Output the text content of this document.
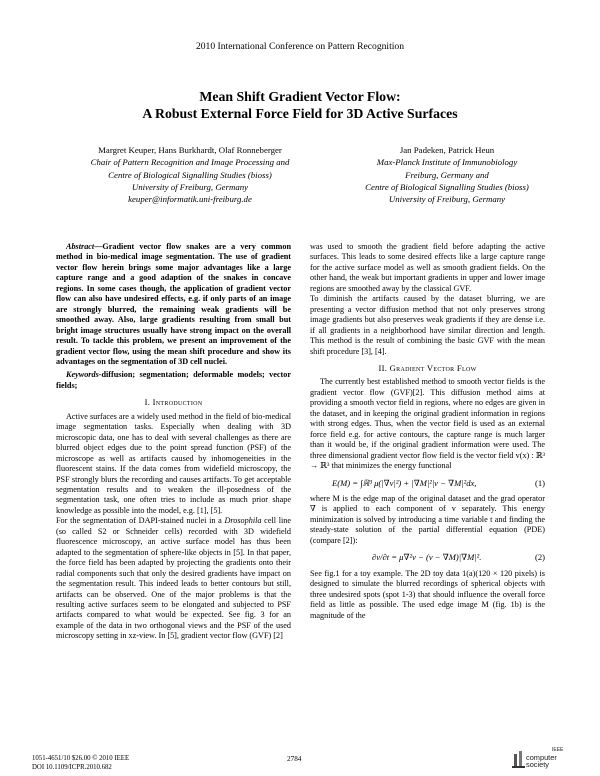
2010 International Conference on Pattern Recognition
Mean Shift Gradient Vector Flow:
A Robust External Force Field for 3D Active Surfaces
Margret Keuper, Hans Burkhardt, Olaf Ronneberger
Chair of Pattern Recognition and Image Processing and
Centre of Biological Signalling Studies (bioss)
University of Freiburg, Germany
keuper@informatik.uni-freiburg.de
Jan Padeken, Patrick Heun
Max-Planck Institute of Immunobiology
Freiburg, Germany and
Centre of Biological Signalling Studies (bioss)
University of Freiburg, Germany

Abstract—Gradient vector flow snakes are a very common method in bio-medical image segmentation. The use of gradient vector flow herein brings some major advantages like a large capture range and a good adaption of the snakes in concave regions. In some cases though, the application of gradient vector flow can also have undesired effects, e.g. if only parts of an image are strongly blurred, the remaining weak gradients will be smoothed away. Also, large gradients resulting from small but bright image structures usually have strong impact on the overall result. To tackle this problem, we present an improvement of the gradient vector flow, using the mean shift procedure and show its advantages on the segmentation of 3D cell nuclei.

Keywords-diffusion; segmentation; deformable models; vector fields;

I. Introduction

Active surfaces are a widely used method in the field of bio-medical image segmentation tasks. Especially when dealing with 3D microscopic data, one has to deal with several challenges as there are blurred object edges due to the point spread function (PSF) of the microscope as well as artifacts caused by inhomogeneities in the fluorescent stains. If the data comes from widefield microscopy, the PSF strongly blurs the recording and causes artifacts. To get acceptable segmentation results and to weaken the ill-posedness of the segmentation task, one often tries to include as much prior shape knowledge as possible into the model, e.g. [1], [5].

For the segmentation of DAPI-stained nuclei in a Drosophila cell line (so called S2 or Schneider cells) recorded with 3D widefield fluorescence microscopy, an active surface model has thus been adapted to the segmentation of sphere-like objects in [5]. In that paper, the force field has been adapted by projecting the gradients onto their radial components such that only the desired gradients have impact on the segmentation result. This indeed leads to better contours but still, artifacts can be observed. One of the major problems is that the resulting active surfaces seem to be elongated and subjected to PSF artifacts compared to what would be expected. See fig. 3 for an example of the data in two orthogonal views and the PSF of the used microscopy setting in xz-view. In [5], gradient vector flow (GVF) [2]

was used to smooth the gradient field before adapting the active surfaces. This leads to some desired effects like a large capture range for the active surface model as well as smooth gradient fields. On the other hand, the weak but important gradients in upper and lower image regions are smoothed away by the classical GVF.

To diminish the artifacts caused by the dataset blurring, we are presenting a vector diffusion method that not only preserves strong image gradients but also preserves weak gradients if they are dense i.e. if all gradients in a neighborhood have similar direction and length. This method is the result of combining the basic GVF with the mean shift procedure [3], [4].

II. Gradient Vector Flow

The currently best established method to smooth vector fields is the gradient vector flow (GVF)[2]. This diffusion method aims at providing a smooth vector field in regions, where no edges are given in the dataset, and in keeping the original gradient information in regions with strong edges. Thus, when the vector field is used as an external force field e.g. for active contours, the capture range is much larger than it would be, if the original gradient information were used. The three dimensional gradient vector flow field is the vector field v(x) : ℝ³ → ℝ³ that minimizes the energy functional

E(M) = ∫ℝ³ μ(|∇v|²) + |∇M|²|v − ∇M|²dx,	(1)

where M is the edge map of the original dataset and the grad operator ∇ is applied to each component of v separately. This energy minimization is solved by introducing a time variable t and finding the steady-state solution of the partial differential equation (PDE) (compare [2]):

∂v/∂t = μ∇²v − (v − ∇M)|∇M|².	(2)

See fig.1 for a toy example. The 2D toy data 1(a)(120 × 120 pixels) is designed to simulate the blurred recordings of spherical objects with three undesired spots (spot 1-3) that should influence the overall force field as little as possible. The used edge image M (fig. 1b) is the magnitude of the

1051-4651/10 $26.00 © 2010 IEEE
DOI 10.1109/ICPR.2010.682
2784
IEEE
computer
society
